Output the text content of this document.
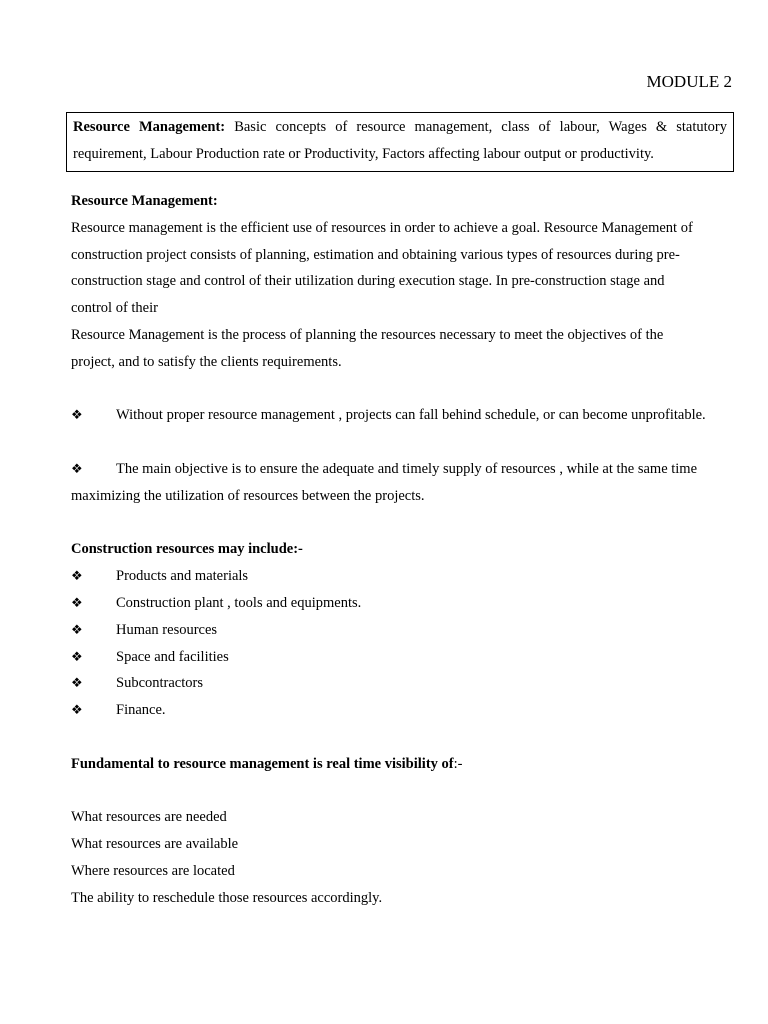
MODULE 2
Resource Management: Basic concepts of resource management, class of labour, Wages & statutory requirement, Labour Production rate or Productivity, Factors affecting labour output or productivity.
Resource Management:
Resource management is the efficient use of resources in order to achieve a goal. Resource Management of
construction project consists of planning, estimation and obtaining various types of resources during pre-
construction stage and control of their utilization during execution stage. In pre-construction stage and
control of their
Resource Management is the process of planning the resources necessary to meet the objectives of the
project, and to satisfy the clients requirements.
❖	Without proper resource management , projects can fall behind schedule, or can become unprofitable.
❖	The main objective is to ensure the adequate and timely supply of resources , while at the same time
maximizing the utilization of resources between the projects.
Construction resources may include:-
❖	Products and materials
❖	Construction plant , tools and equipments.
❖	Human resources
❖	Space and facilities
❖	Subcontractors
❖	Finance.
Fundamental to resource management is real time visibility of:-
What resources are needed
What resources are available
Where resources are located
The ability to reschedule those resources accordingly.
